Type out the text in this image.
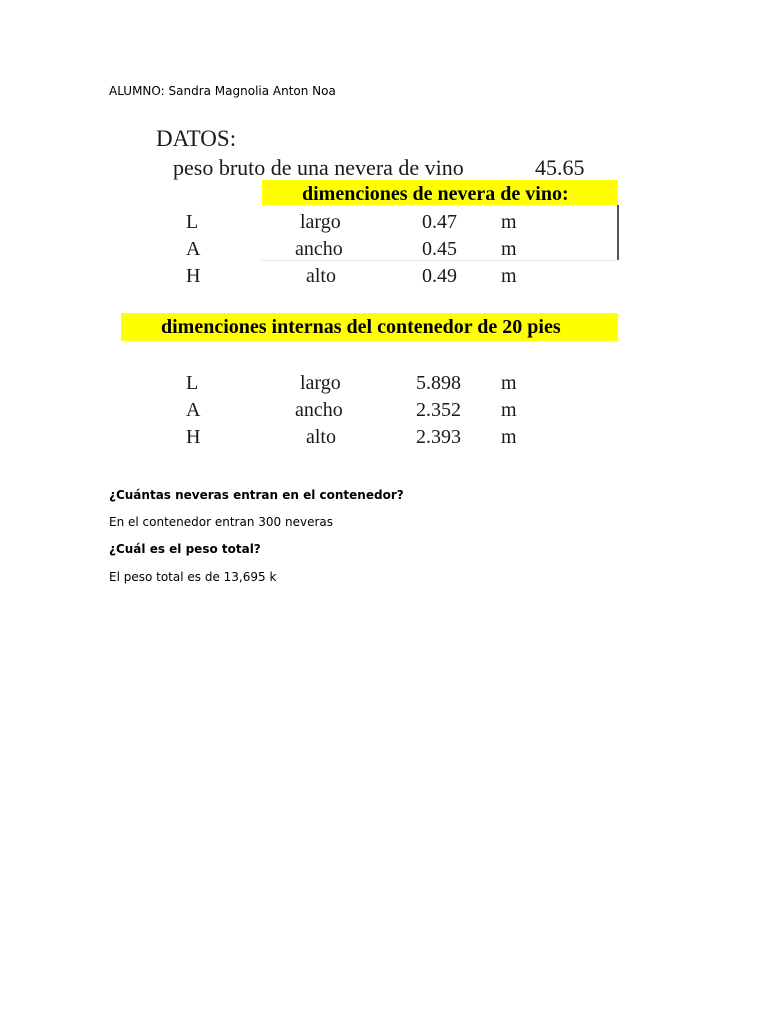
ALUMNO: Sandra Magnolia Anton Noa
DATOS:
peso bruto de una nevera de vino	45.65
dimenciones de nevera de vino:
L	largo	0.47 m
A	ancho	0.45 m
H	alto	0.49 m
dimenciones internas del contenedor de 20 pies
L	largo	5.898 m
A	ancho	2.352 m
H	alto	2.393 m
¿Cuántas neveras entran en el contenedor?
En el contenedor entran 300 neveras
¿Cuál es el peso total?
El peso total es de 13,695 k
